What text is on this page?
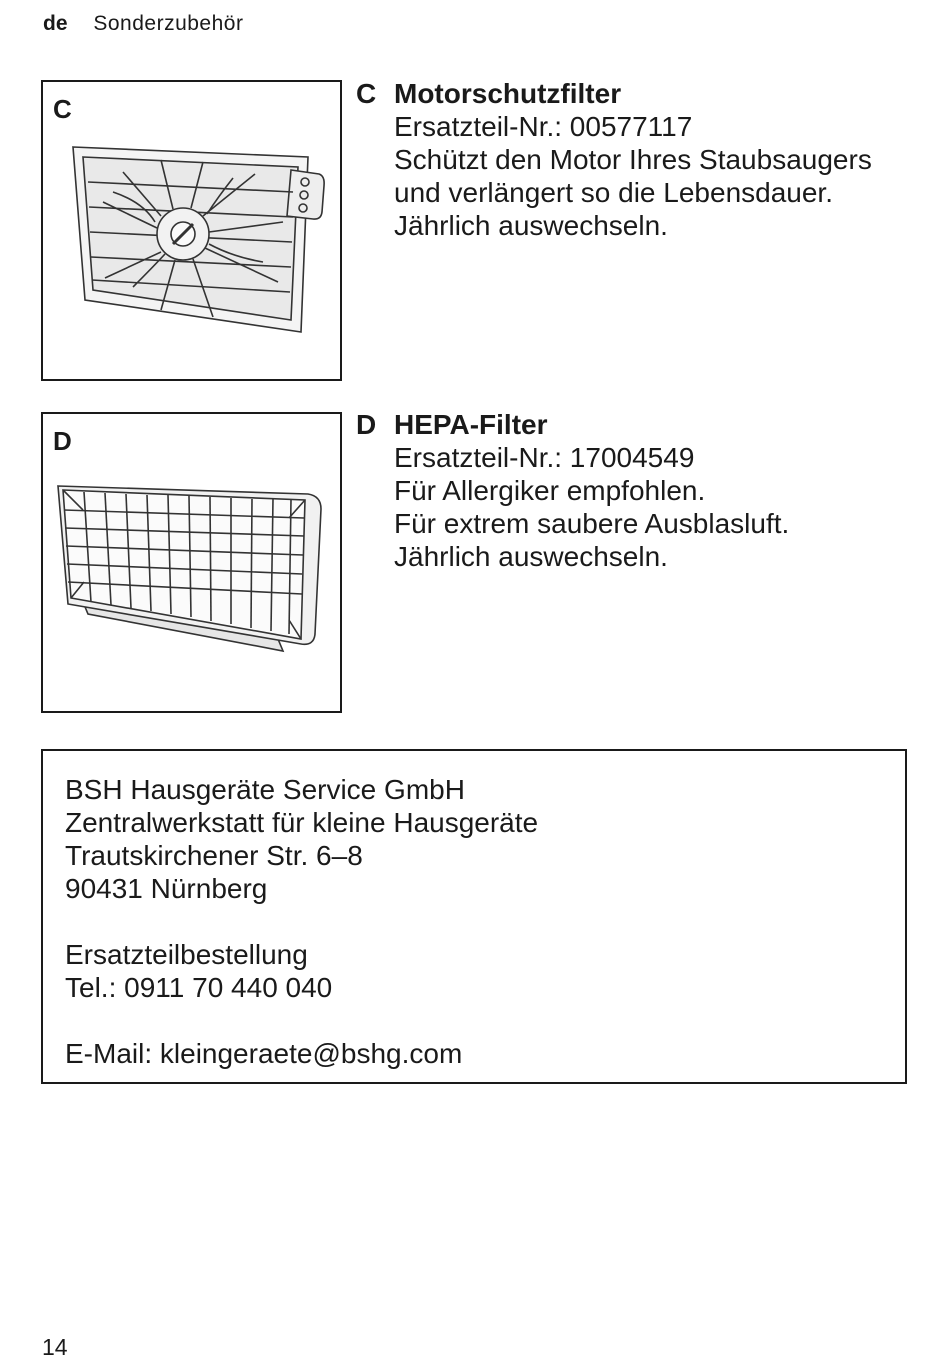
de Sonderzubehör
C	C Motorschutzfilter
Ersatzteil-Nr.: 00577117
Schützt den Motor Ihres Staubsaugers
und verlängert so die Lebensdauer.
Jährlich auswechseln.
D
D HEPA-Filter
Ersatzteil-Nr.: 17004549
Für Allergiker empfohlen.
Für extrem saubere Ausblasluft.
Jährlich auswechseln.
BSH Hausgeräte Service GmbH
Zentralwerkstatt für kleine Hausgeräte
Trautskirchener Str. 6–8
90431 Nürnberg
Ersatzteilbestellung
Tel.: 0911 70 440 040
E-Mail: kleingeraete@bshg.com
14
